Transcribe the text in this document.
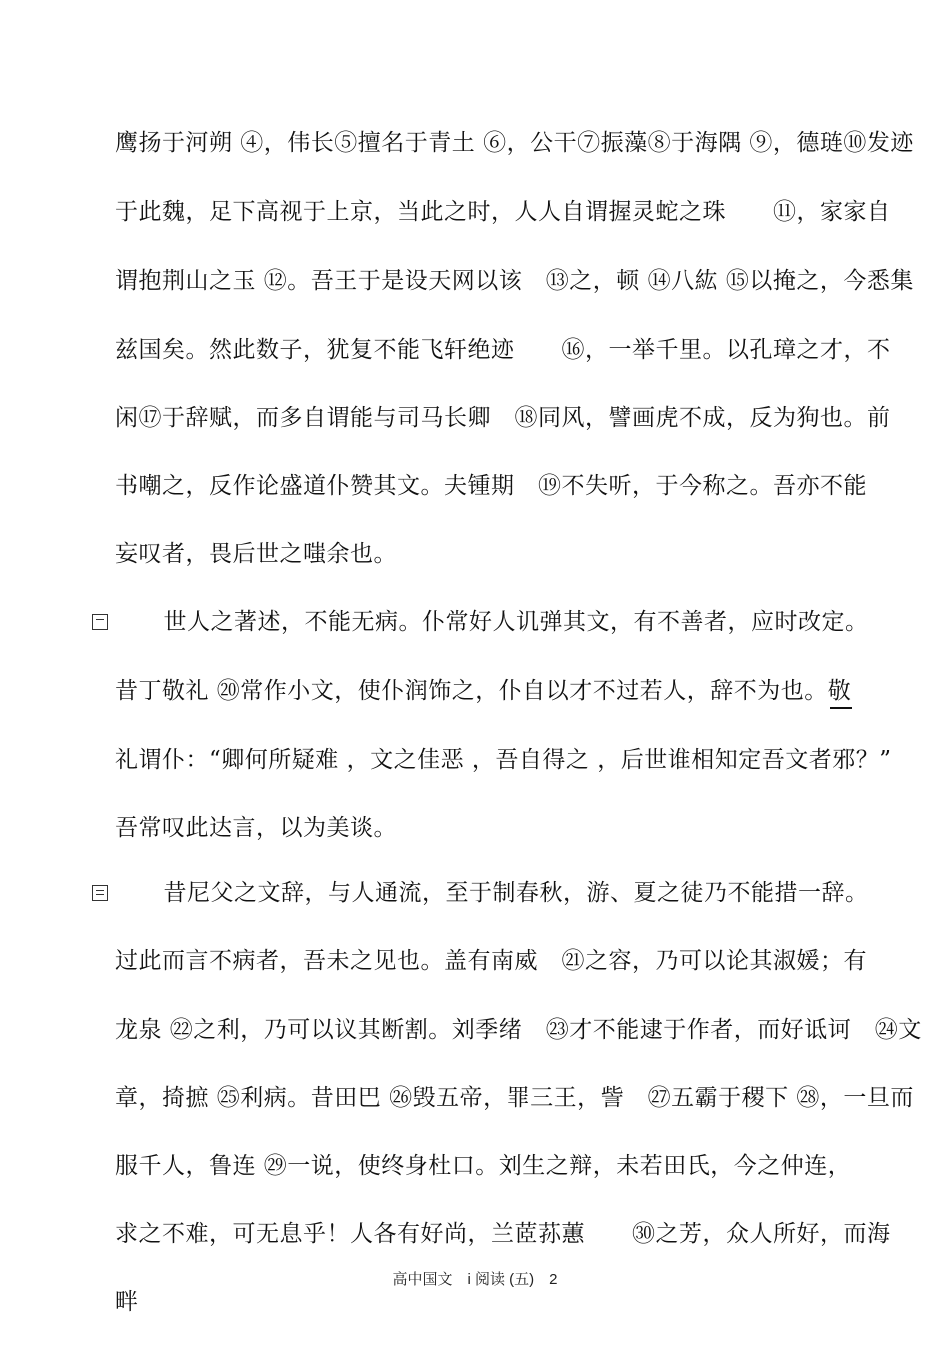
鹰扬于河朔 ④，伟长⑤擅名于青土 ⑥，公干⑦振藻⑧于海隅 ⑨，德琏⑩发迹
于此魏，足下高视于上京，当此之时，人人自谓握灵蛇之珠　　⑪，家家自
谓抱荆山之玉 ⑫。吾王于是设天网以该　⑬之，顿 ⑭八紘 ⑮以掩之，今悉集
兹国矣。然此数子，犹复不能飞轩绝迹　　⑯，一举千里。以孔璋之才，不
闲⑰于辞赋，而多自谓能与司马长卿　⑱同风，譬画虎不成，反为狗也。前
书嘲之，反作论盛道仆赞其文。夫锺期　⑲不失听，于今称之。吾亦不能
妄叹者，畏后世之嗤余也。
　世人之著述，不能无病。仆常好人讥弹其文，有不善者，应时改定。
昔丁敬礼 ⑳常作小文，使仆润饰之，仆自以才不过若人，辞不为也。敬
礼谓仆：“卿何所疑难 ，文之佳恶 ，吾自得之 ，后世谁相知定吾文者邪？”
吾常叹此达言，以为美谈。
　昔尼父之文辞，与人通流，至于制春秋，游、夏之徒乃不能措一辞。
过此而言不病者，吾未之见也。盖有南威　㉑之容，乃可以论其淑媛；有
龙泉 ㉒之利，乃可以议其断割。刘季绪　㉓才不能逮于作者，而好诋诃　㉔文
章，掎摭 ㉕利病。昔田巴 ㉖毁五帝，罪三王，訾　㉗五霸于稷下 ㉘，一旦而
服千人，鲁连 ㉙一说，使终身杜口。刘生之辩，未若田氏，今之仲连，
求之不难，可无息乎！人各有好尚，兰茝荪蕙　　㉚之芳，众人所好，而海
畔
高中国文　i 阅读 (五)　2
